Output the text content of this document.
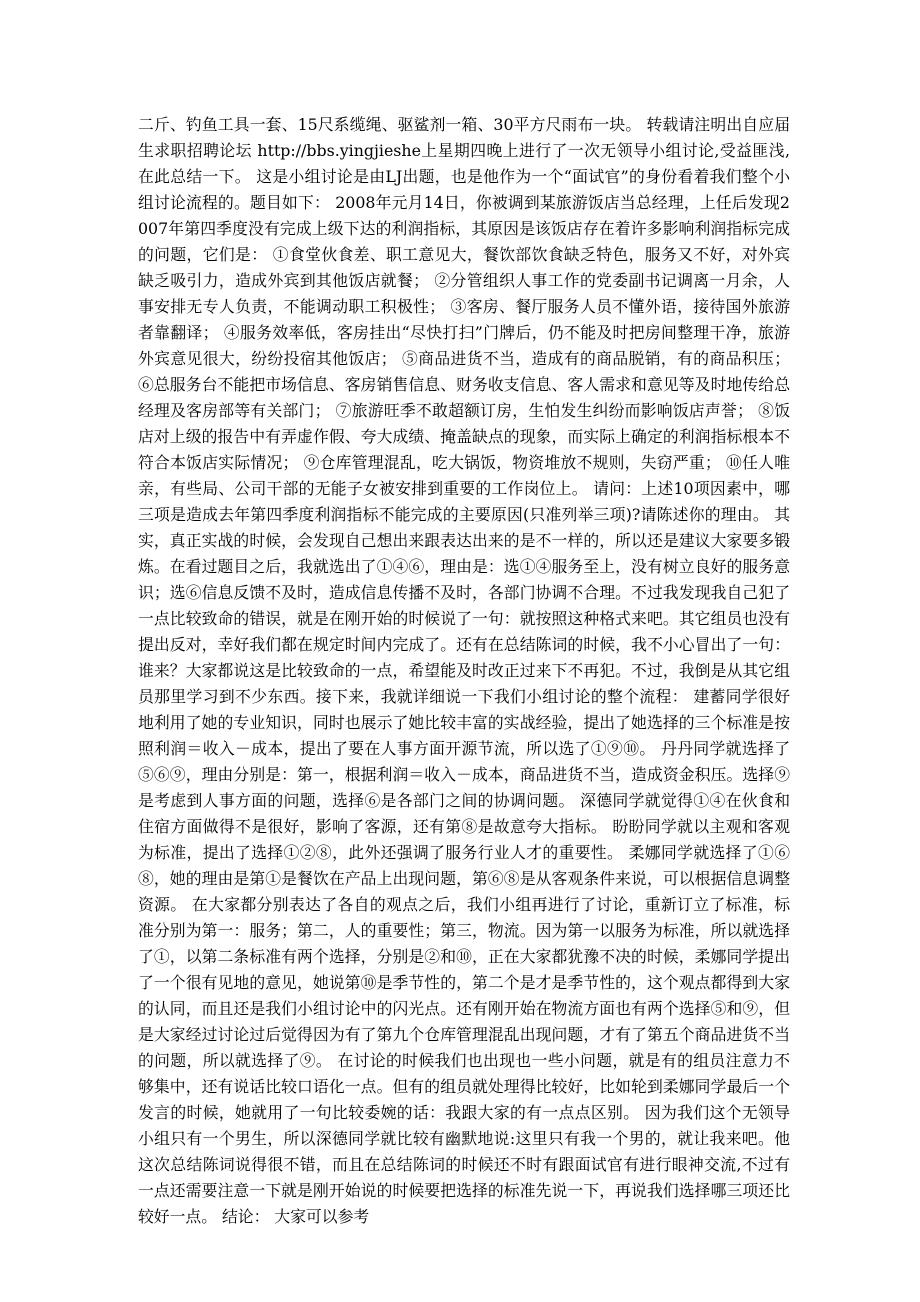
二斤、钓鱼工具一套、15尺系缆绳、驱鲨剂一箱、30平方尺雨布一块。 转载请注明出自应届生求职招聘论坛 http://bbs.yingjieshe上星期四晚上进行了一次无领导小组讨论,受益匪浅,在此总结一下。 这是小组讨论是由LJ出题，也是他作为一个“面试官”的身份看着我们整个小组讨论流程的。题目如下： 2008年元月14日，你被调到某旅游饭店当总经理，上任后发现2007年第四季度没有完成上级下达的利润指标，其原因是该饭店存在着许多影响利润指标完成的问题，它们是： ①食堂伙食差、职工意见大，餐饮部饮食缺乏特色，服务又不好，对外宾缺乏吸引力，造成外宾到其他饭店就餐； ②分管组织人事工作的党委副书记调离一月余，人事安排无专人负责，不能调动职工积极性； ③客房、餐厅服务人员不懂外语，接待国外旅游者靠翻译； ④服务效率低，客房挂出“尽快打扫”门牌后，仍不能及时把房间整理干净，旅游外宾意见很大，纷纷投宿其他饭店； ⑤商品进货不当，造成有的商品脱销，有的商品积压； ⑥总服务台不能把市场信息、客房销售信息、财务收支信息、客人需求和意见等及时地传给总经理及客房部等有关部门； ⑦旅游旺季不敢超额订房，生怕发生纠纷而影响饭店声誉； ⑧饭店对上级的报告中有弄虚作假、夸大成绩、掩盖缺点的现象，而实际上确定的利润指标根本不符合本饭店实际情况； ⑨仓库管理混乱，吃大锅饭，物资堆放不规则，失窃严重； ⑩任人唯亲，有些局、公司干部的无能子女被安排到重要的工作岗位上。 请问：上述10项因素中，哪三项是造成去年第四季度利润指标不能完成的主要原因(只准列举三项)?请陈述你的理由。 其实，真正实战的时候，会发现自己想出来跟表达出来的是不一样的，所以还是建议大家要多锻炼。在看过题目之后，我就选出了①④⑥，理由是：选①④服务至上，没有树立良好的服务意识；选⑥信息反馈不及时，造成信息传播不及时，各部门协调不合理。不过我发现我自己犯了一点比较致命的错误，就是在刚开始的时候说了一句：就按照这种格式来吧。其它组员也没有提出反对，幸好我们都在规定时间内完成了。还有在总结陈词的时候，我不小心冒出了一句：谁来？大家都说这是比较致命的一点，希望能及时改正过来下不再犯。不过，我倒是从其它组员那里学习到不少东西。接下来，我就详细说一下我们小组讨论的整个流程： 建蓄同学很好地利用了她的专业知识，同时也展示了她比较丰富的实战经验，提出了她选择的三个标准是按照利润＝收入－成本，提出了要在人事方面开源节流，所以选了①⑨⑩。 丹丹同学就选择了⑤⑥⑨，理由分别是：第一，根据利润＝收入－成本，商品进货不当，造成资金积压。选择⑨是考虑到人事方面的问题，选择⑥是各部门之间的协调问题。 深德同学就觉得①④在伙食和住宿方面做得不是很好，影响了客源，还有第⑧是故意夸大指标。 盼盼同学就以主观和客观为标准，提出了选择①②⑧，此外还强调了服务行业人才的重要性。 柔娜同学就选择了①⑥⑧，她的理由是第①是餐饮在产品上出现问题，第⑥⑧是从客观条件来说，可以根据信息调整资源。 在大家都分别表达了各自的观点之后，我们小组再进行了讨论，重新订立了标准，标准分别为第一：服务；第二，人的重要性；第三，物流。因为第一以服务为标准，所以就选择了①，以第二条标准有两个选择，分别是②和⑩，正在大家都犹豫不决的时候，柔娜同学提出了一个很有见地的意见，她说第⑩是季节性的，第二个是才是季节性的，这个观点都得到大家的认同，而且还是我们小组讨论中的闪光点。还有刚开始在物流方面也有两个选择⑤和⑨，但是大家经过讨论过后觉得因为有了第九个仓库管理混乱出现问题，才有了第五个商品进货不当的问题，所以就选择了⑨。 在讨论的时候我们也出现也一些小问题，就是有的组员注意力不够集中，还有说话比较口语化一点。但有的组员就处理得比较好，比如轮到柔娜同学最后一个发言的时候，她就用了一句比较委婉的话：我跟大家的有一点点区别。 因为我们这个无领导小组只有一个男生，所以深德同学就比较有幽默地说:这里只有我一个男的，就让我来吧。他这次总结陈词说得很不错，而且在总结陈词的时候还不时有跟面试官有进行眼神交流,不过有一点还需要注意一下就是刚开始说的时候要把选择的标准先说一下，再说我们选择哪三项还比较好一点。 结论： 大家可以参考
